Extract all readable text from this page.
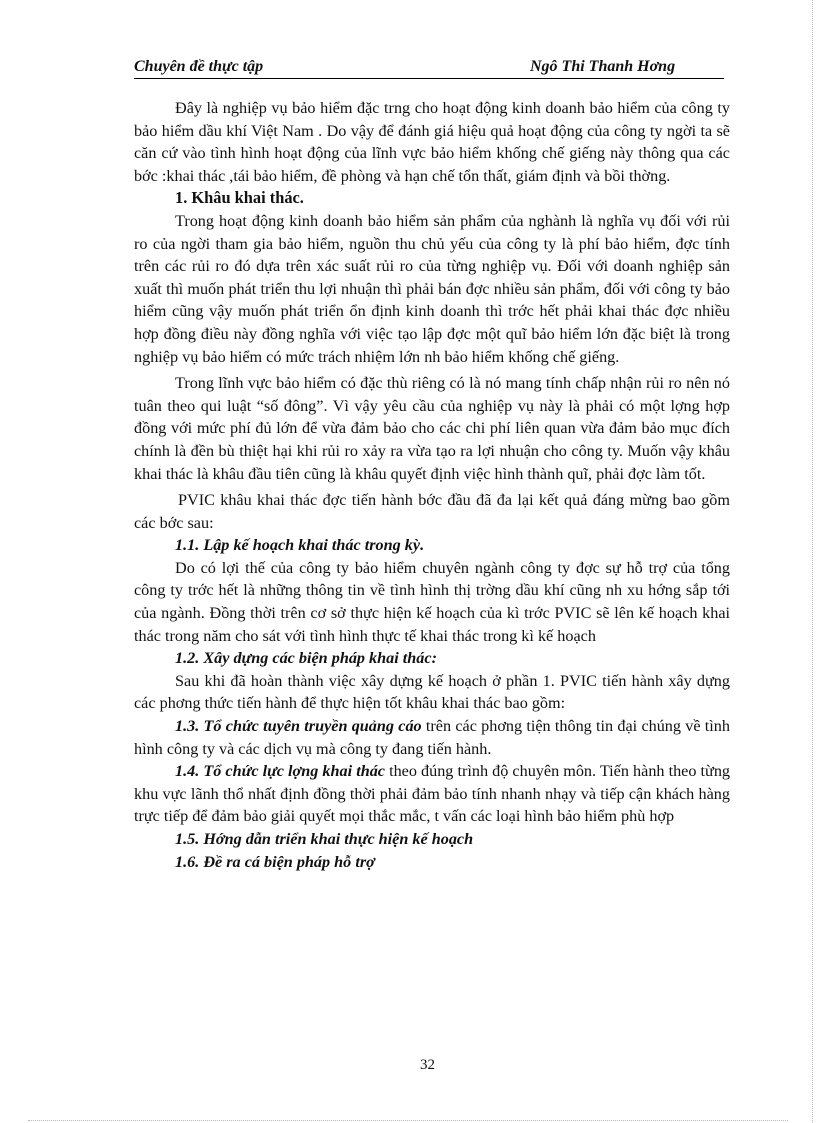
Chuyên đề thực tập	Ngô Thi Thanh Hơng

Đây là nghiệp vụ bảo hiểm đặc trng cho hoạt động kinh doanh bảo hiểm của công ty bảo hiểm dầu khí Việt Nam . Do vậy để đánh giá hiệu quả hoạt động của công ty ngời ta sẽ căn cứ vào tình hình hoạt động của lĩnh vực bảo hiểm khống chế giếng này thông qua các bớc :khai thác ,tái bảo hiểm, đề phòng và hạn chế tổn thất, giám định và bồi thờng.

1. Khâu khai thác.

Trong hoạt động kinh doanh bảo hiểm sản phẩm của nghành là nghĩa vụ đối với rủi ro của ngời tham gia bảo hiểm, nguồn thu chủ yếu của công ty là phí bảo hiểm, đợc tính trên các rủi ro đó dựa trên xác suất rủi ro của từng nghiệp vụ. Đối với doanh nghiệp sản xuất thì muốn phát triển thu lợi nhuận thì phải bán đợc nhiều sản phẩm, đối với công ty bảo hiểm cũng vậy muốn phát triển ổn định kinh doanh thì trớc hết phải khai thác đợc nhiều hợp đồng điều này đồng nghĩa với việc tạo lập đợc một quĩ bảo hiểm lớn đặc biệt là trong nghiệp vụ bảo hiểm có mức trách nhiệm lớn nh bảo hiểm khống chế giếng.

Trong lĩnh vực bảo hiểm có đặc thù riêng có là nó mang tính chấp nhận rủi ro nên nó tuân theo qui luật “số đông”. Vì vậy yêu cầu của nghiệp vụ này là phải có một lợng hợp đồng với mức phí đủ lớn để vừa đảm bảo cho các chi phí liên quan vừa đảm bảo mục đích chính là đền bù thiệt hại khi rủi ro xảy ra vừa tạo ra lợi nhuận cho công ty. Muốn vậy khâu khai thác là khâu đầu tiên cũng là khâu quyết định việc hình thành quĩ, phải đợc làm tốt.

PVIC khâu khai thác đợc tiến hành bớc đầu đã đa lại kết quả đáng mừng bao gồm các bớc sau:

1.1. Lập kế hoạch khai thác trong kỳ.

Do có lợi thế của công ty bảo hiểm chuyên ngành công ty đợc sự hỗ trợ của tổng công ty trớc hết là những thông tin về tình hình thị trờng dầu khí cũng nh xu hớng sắp tới của ngành. Đồng thời trên cơ sở thực hiện kế hoạch của kì trớc PVIC sẽ lên kế hoạch khai thác trong năm cho sát với tình hình thực tế khai thác trong kì kế hoạch

1.2. Xây dựng các biện pháp khai thác:

Sau khi đã hoàn thành việc xây dựng kế hoạch ở phần 1. PVIC tiến hành xây dựng các phơng thức tiến hành để thực hiện tốt khâu khai thác bao gồm:

1.3. Tổ chức tuyên truyền quảng cáo trên các phơng tiện thông tin đại chúng về tình hình công ty và các dịch vụ mà công ty đang tiến hành.

1.4. Tổ chức lực lợng khai thác theo đúng trình độ chuyên môn. Tiến hành theo từng khu vực lãnh thổ nhất định đồng thời phải đảm bảo tính nhanh nhạy và tiếp cận khách hàng trực tiếp để đảm bảo giải quyết mọi thắc mắc, t vấn các loại hình bảo hiểm phù hợp

1.5. Hớng dẫn triển khai thực hiện kế hoạch
1.6. Đề ra cá biện pháp hỗ trợ
32
